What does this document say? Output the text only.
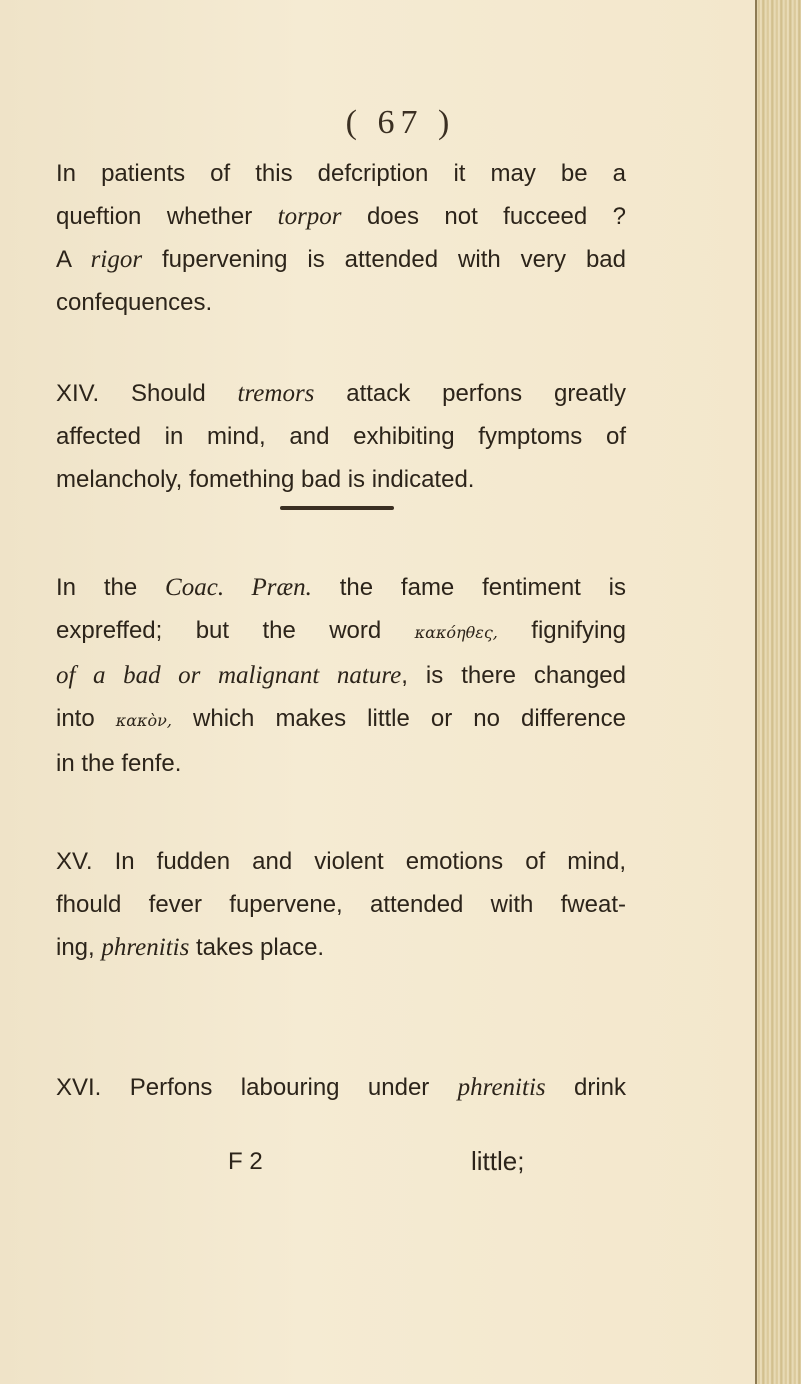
( 67 )
In patients of this defcription it may be a
queftion whether torpor does not fucceed ?
A rigor fupervening is attended with very bad
confequences.
XIV. Should tremors attack perfons greatly
affected in mind, and exhibiting fymptoms of
melancholy, fomething bad is indicated.
In the Coac. Præn. the fame fentiment is
expreffed; but the word κακόηθες, fignifying
of a bad or malignant nature, is there changed
into κακὸν, which makes little or no difference
in the fenfe.
XV. In fudden and violent emotions of mind,
fhould fever fupervene, attended with fweat-
ing, phrenitis takes place.
XVI. Perfons labouring under phrenitis drink
F 2	little;
